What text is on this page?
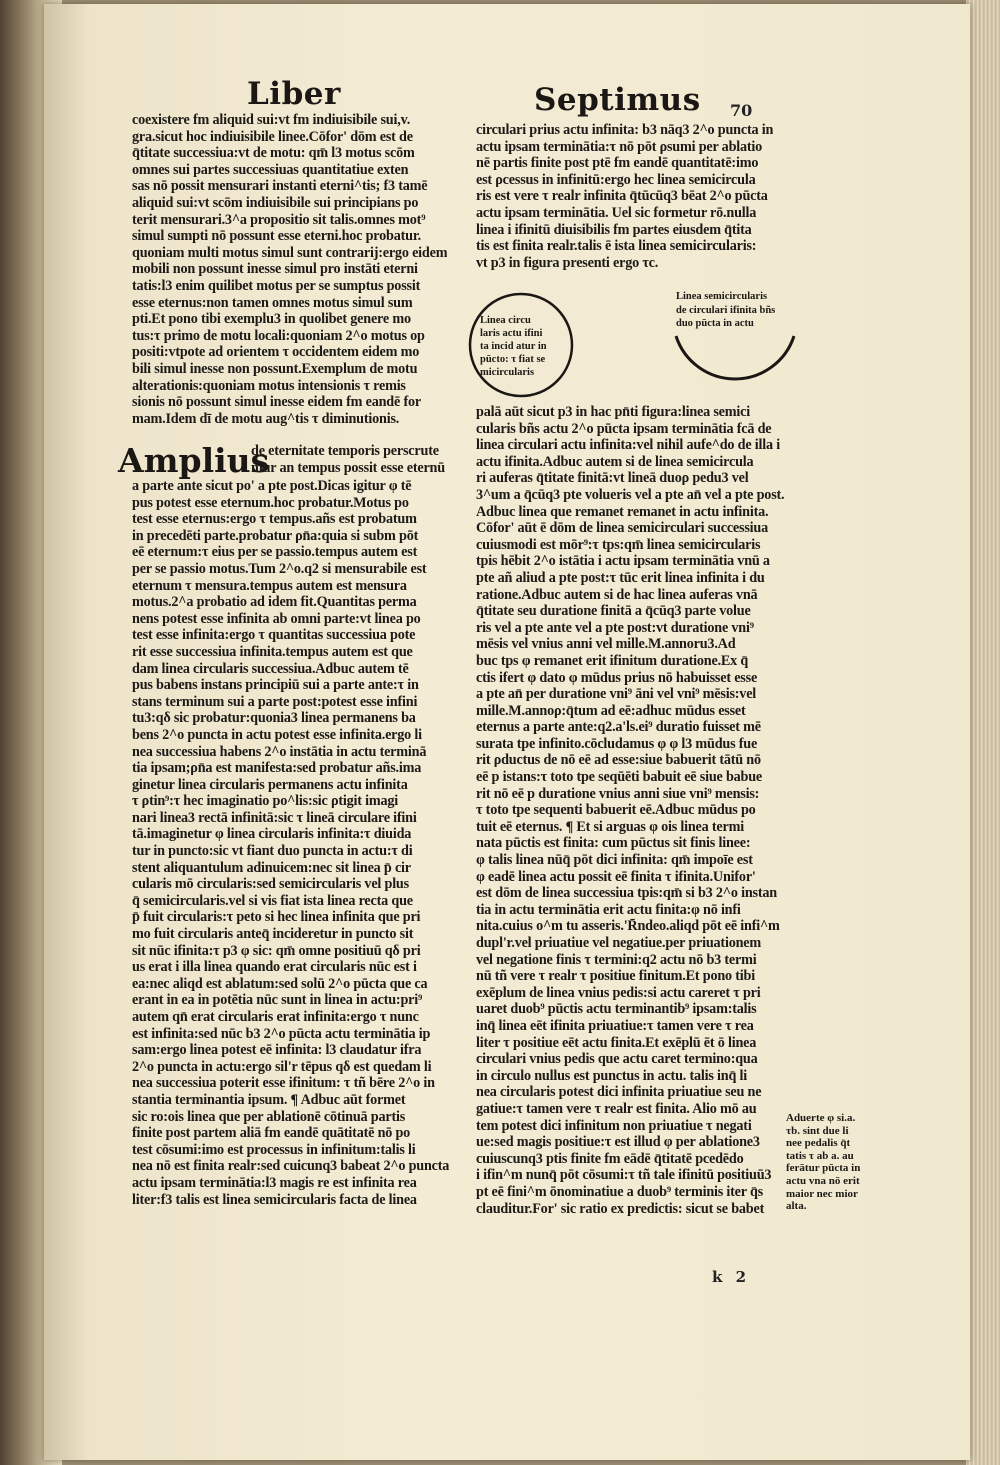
Liber	Septimus 70
coexistere fm aliquid sui:vt fm indiuisibile sui,v.
gra.sicut hoc indiuisibile linee.Cōfor' dōm est de
q̄titate successiua:vt de motu: qm̄ l3 motus scōm
omnes sui partes successiuas quantitatiue exten
sas nō possit mensurari instanti eterni^tis; f3 tamē
aliquid sui:vt scōm indiuisibile sui principians po
terit mensurari.3^a propositio sit talis.omnes mot⁹
simul sumpti nō possunt esse eterni.hoc probatur.
quoniam multi motus simul sunt contrarij:ergo eidem
mobili non possunt inesse simul pro instāti eterni
tatis:l3 enim quilibet motus per se sumptus possit
esse eternus:non tamen omnes motus simul sum
pti.Et pono tibi exemplu3 in quolibet genere mo
tus:τ primo de motu locali:quoniam 2^o motus op
positi:vtpote ad orientem τ occidentem eidem mo
bili simul inesse non possunt.Exemplum de motu
alterationis:quoniam motus intensionis τ remis
sionis nō possunt simul inesse eidem fm eandē for
mam.Idem dī de motu aug^tis τ diminutionis.
Amplius
de eternitate temporis perscrute
mur an tempus possit esse eternū
a parte ante sicut po' a pte post.Dicas igitur φ tē
pus potest esse eternum.hoc probatur.Motus po
test esse eternus:ergo τ tempus.añs est probatum
in precedēti parte.probatur ρn̄a:quia si subm pōt
eē eternum:τ eius per se passio.tempus autem est
per se passio motus.Tum 2^o.q2 si mensurabile est
eternum τ mensura.tempus autem est mensura
motus.2^a probatio ad idem fit.Quantitas perma
nens potest esse infinita ab omni parte:vt linea po
test esse infinita:ergo τ quantitas successiua pote
rit esse successiua infinita.tempus autem est que
dam linea circularis successiua.Adbuc autem tē
pus babens instans principiū sui a parte ante:τ in
stans terminum sui a parte post:potest esse infini
tu3:qδ sic probatur:quonia3 linea permanens ba
bens 2^o puncta in actu potest esse infinita.ergo li
nea successiua habens 2^o instātia in actu terminā
tia ipsam;ρn̄a est manifesta:sed probatur añs.ima
ginetur linea circularis permanens actu infinita
τ ρtin⁹:τ hec imaginatio po^lis:sic ρtigit imagi
nari linea3 rectā infinitā:sic τ lineā circulare ifini
tā.imaginetur φ linea circularis infinita:τ diuida
tur in puncto:sic vt fiant duo puncta in actu:τ di
stent aliquantulum adinuicem:nec sit linea p̄ cir
cularis mō circularis:sed semicircularis vel plus
q̄ semicircularis.vel si vis fiat ista linea recta que
p̄ fuit circularis:τ peto si hec linea infinita que pri
mo fuit circularis anteq̄ incideretur in puncto sit
sit nūc ifinita:τ p3 φ sic: qm̄ omne positiuū qδ pri
us erat i illa linea quando erat circularis nūc est i
ea:nec aliqd est ablatum:sed solū 2^o pūcta que ca
erant in ea in potētia nūc sunt in linea in actu:pri⁹
autem qn̄ erat circularis erat infinita:ergo τ nunc
est infinita:sed nūc b3 2^o pūcta actu terminātia ip
sam:ergo linea potest eē infinita: l3 claudatur ifra
2^o puncta in actu:ergo sil'r tēpus qδ est quedam li
nea successiua poterit esse ifinitum: τ tñ bēre 2^o in
stantia terminantia ipsum. ¶ Adbuc aūt formet
sic ro:ois linea que per ablationē cōtinuā partis
finite post partem aliā fm eandē quātitatē nō po
test cōsumi:imo est processus in infinitum:talis li
nea nō est finita realr:sed cuicunq3 babeat 2^o puncta
actu ipsam terminātia:l3 magis re est infinita rea
liter:f3 talis est linea semicircularis facta de linea
circulari prius actu infinita: b3 nāq3 2^o puncta in
actu ipsam terminātia:τ nō pōt ρsumi per ablatio
nē partis finite post ptē fm eandē quantitatē:imo
est ρcessus in infinitū:ergo hec linea semicircula
ris est vere τ realr infinita q̄tūcūq3 bēat 2^o pūcta
actu ipsam terminātia. Uel sic formetur rō.nulla
linea i ifinitū diuisibilis fm partes eiusdem q̄tita
tis est finita realr.talis ē ista linea semicircularis:
vt p3 in figura presenti ergo τc.
Linea circu
laris actu ifini
ta incid atur in
pūcto: τ fiat se
micircularis
Linea semicircularis
de circulari ifinita bñs
duo pūcta in actu
palā aūt sicut p3 in hac pn̄ti figura:linea semici
cularis bñs actu 2^o pūcta ipsam terminātia fcā de
linea circulari actu infinita:vel nihil aufe^do de illa i
actu ifinita.Adbuc autem si de linea semicircula
ri auferas q̄titate finitā:vt lineā duoρ pedu3 vel
3^um a q̄cūq3 pte volueris vel a pte an̄ vel a pte post.
Adbuc linea que remanet remanet in actu infinita.
Cōfor' aūt ē dōm de linea semicirculari successiua
cuiusmodi est mōr⁹:τ tps:qm̄ linea semicircularis
tpis hēbit 2^o istātia i actu ipsam terminātia vnū a
pte añ aliud a pte post:τ tūc erit linea infinita i du
ratione.Adbuc autem si de hac linea auferas vnā
q̄titate seu duratione finitā a q̄cūq3 parte volue
ris vel a pte ante vel a pte post:vt duratione vni⁹
mēsis vel vnius anni vel mille.M.annoru3.Ad
buc tps φ remanet erit ifinitum duratione.Ex q̄
ctis ifert φ dato φ mūdus prius nō habuisset esse
a pte an̄ per duratione vni⁹ āni vel vni⁹ mēsis:vel
mille.M.annoρ:q̄tum ad eē:adhuc mūdus esset
eternus a parte ante:q2.a'ls.ei⁹ duratio fuisset mē
surata tpe infinito.cōcludamus φ φ l3 mūdus fue
rit ρductus de nō eē ad esse:siue babuerit tātū nō
eē p istans:τ toto tpe seqūēti babuit eē siue babue
rit nō eē p duratione vnius anni siue vni⁹ mensis:
τ toto tpe sequenti babuerit eē.Adbuc mūdus po
tuit eē eternus. ¶ Et si arguas φ ois linea termi
nata pūctis est finita: cum pūctus sit finis linee:
φ talis linea nūq̄ pōt dici infinita: qm̄ impoīe est
φ eadē linea actu possit eē finita τ ifinita.Unifor'
est dōm de linea successiua tpis:qm̄ si b3 2^o instan
tia in actu terminātia erit actu finita:φ nō infi
nita.cuius o^m tu asseris.'R̄ndeo.aliqd pōt eē infi^m
dupl'r.vel priuatiue vel negatiue.per priuationem
vel negatione finis τ termini:q2 actu nō b3 termi
nū tñ vere τ realr τ positiue finitum.Et pono tibi
exēplum de linea vnius pedis:si actu careret τ pri
uaret duob⁹ pūctis actu terminantib⁹ ipsam:talis
inq̄ linea eēt ifinita priuatiue:τ tamen vere τ rea
liter τ positiue eēt actu finita.Et exēplū ēt ō linea
circulari vnius pedis que actu caret termino:qua
in circulo nullus est punctus in actu. talis inq̄ li
nea circularis potest dici infinita priuatiue seu ne
gatiue:τ tamen vere τ realr est finita. Alio mō au
tem potest dici infinitum non priuatiue τ negati
ue:sed magis positiue:τ est illud φ per ablatione3
cuiuscunq3 ptis finite fm eādē q̄titatē pcedēdo
i ifin^m nunq̄ pōt cōsumi:τ tñ tale ifinitū positiuū3
pt eē fini^m ōnominatiue a duob⁹ terminis iter q̄s
clauditur.For' sic ratio ex predictis: sicut se babet
Aduerte φ si.a.
τb. sint due li
nee pedalis q̄t
tatis τ ab a. au
ferātur pūcta in
actu vna nō erit
maior nec mior
alta.
k 2
